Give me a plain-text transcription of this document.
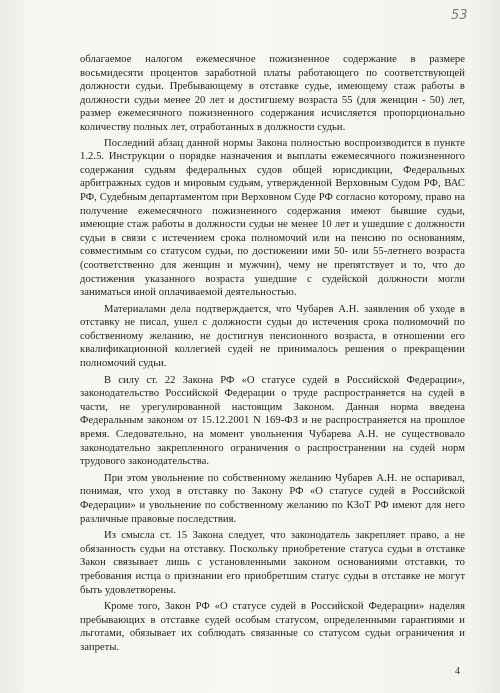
53

облагаемое налогом ежемесячное пожизненное содержание в размере восьмидесяти процентов заработной платы работающего по соответствующей должности судьи. Пребывающему в отставке судье, имеющему стаж работы в должности судьи менее 20 лет и достигшему возраста 55 (для женщин - 50) лет, размер ежемесячного пожизненного содержания исчисляется пропорционально количеству полных лет, отработанных в должности судьи.

Последний абзац данной нормы Закона полностью воспроизводится в пункте 1.2.5. Инструкции о порядке назначения и выплаты ежемесячного пожизненного содержания судьям федеральных судов общей юрисдикции, Федеральных арбитражных судов и мировым судьям, утвержденной Верховным Судом РФ, ВАС РФ, Судебным департаментом при Верховном Суде РФ согласно которому, право на получение ежемесячного пожизненного содержания имеют бывшие судьи, имеющие стаж работы в должности судьи не менее 10 лет и ушедшие с должности судьи в связи с истечением срока полномочий или на пенсию по основаниям, совместимым со статусом судьи, по достижении ими 50- или 55-летнего возраста (соответственно для женщин и мужчин), чему не препятствует и то, что до достижения указанного возраста ушедшие с судейской должности могли заниматься иной оплачиваемой деятельностью.

Материалами дела подтверждается, что Чубарев А.Н. заявления об уходе в отставку не писал, ушел с должности судьи до истечения срока полномочий по собственному желанию, не достигнув пенсионного возраста, в отношении его квалификационной коллегией судей не принималось решения о прекращении полномочий судьи.

В силу ст. 22 Закона РФ «О статусе судей в Российской Федерации», законодательство Российской Федерации о труде распространяется на судей в части, не урегулированной настоящим Законом. Данная норма введена Федеральным законом от 15.12.2001 N 169-ФЗ и не распространяется на прошлое время. Следовательно, на момент увольнения Чубарева А.Н. не существовало законодательно закрепленного ограничения о распространении на судей норм трудового законодательства.

При этом увольнение по собственному желанию Чубарев А.Н. не оспаривал, понимая, что уход в отставку по Закону РФ «О статусе судей в Российской Федерации» и увольнение по собственному желанию по КЗоТ РФ имеют для него различные правовые последствия.

Из смысла ст. 15 Закона следует, что законодатель закрепляет право, а не обязанность судьи на отставку. Поскольку приобретение статуса судьи в отставке Закон связывает лишь с установленными законом основаниями отставки, то требования истца о признании его приобретшим статус судьи в отставке не могут быть удовлетворены.

Кроме того, Закон РФ «О статусе судей в Российской Федерации» наделяя пребывающих в отставке судей особым статусом, определенными гарантиями и льготами, обязывает их соблюдать связанные со статусом судьи ограничения и запреты.

4
